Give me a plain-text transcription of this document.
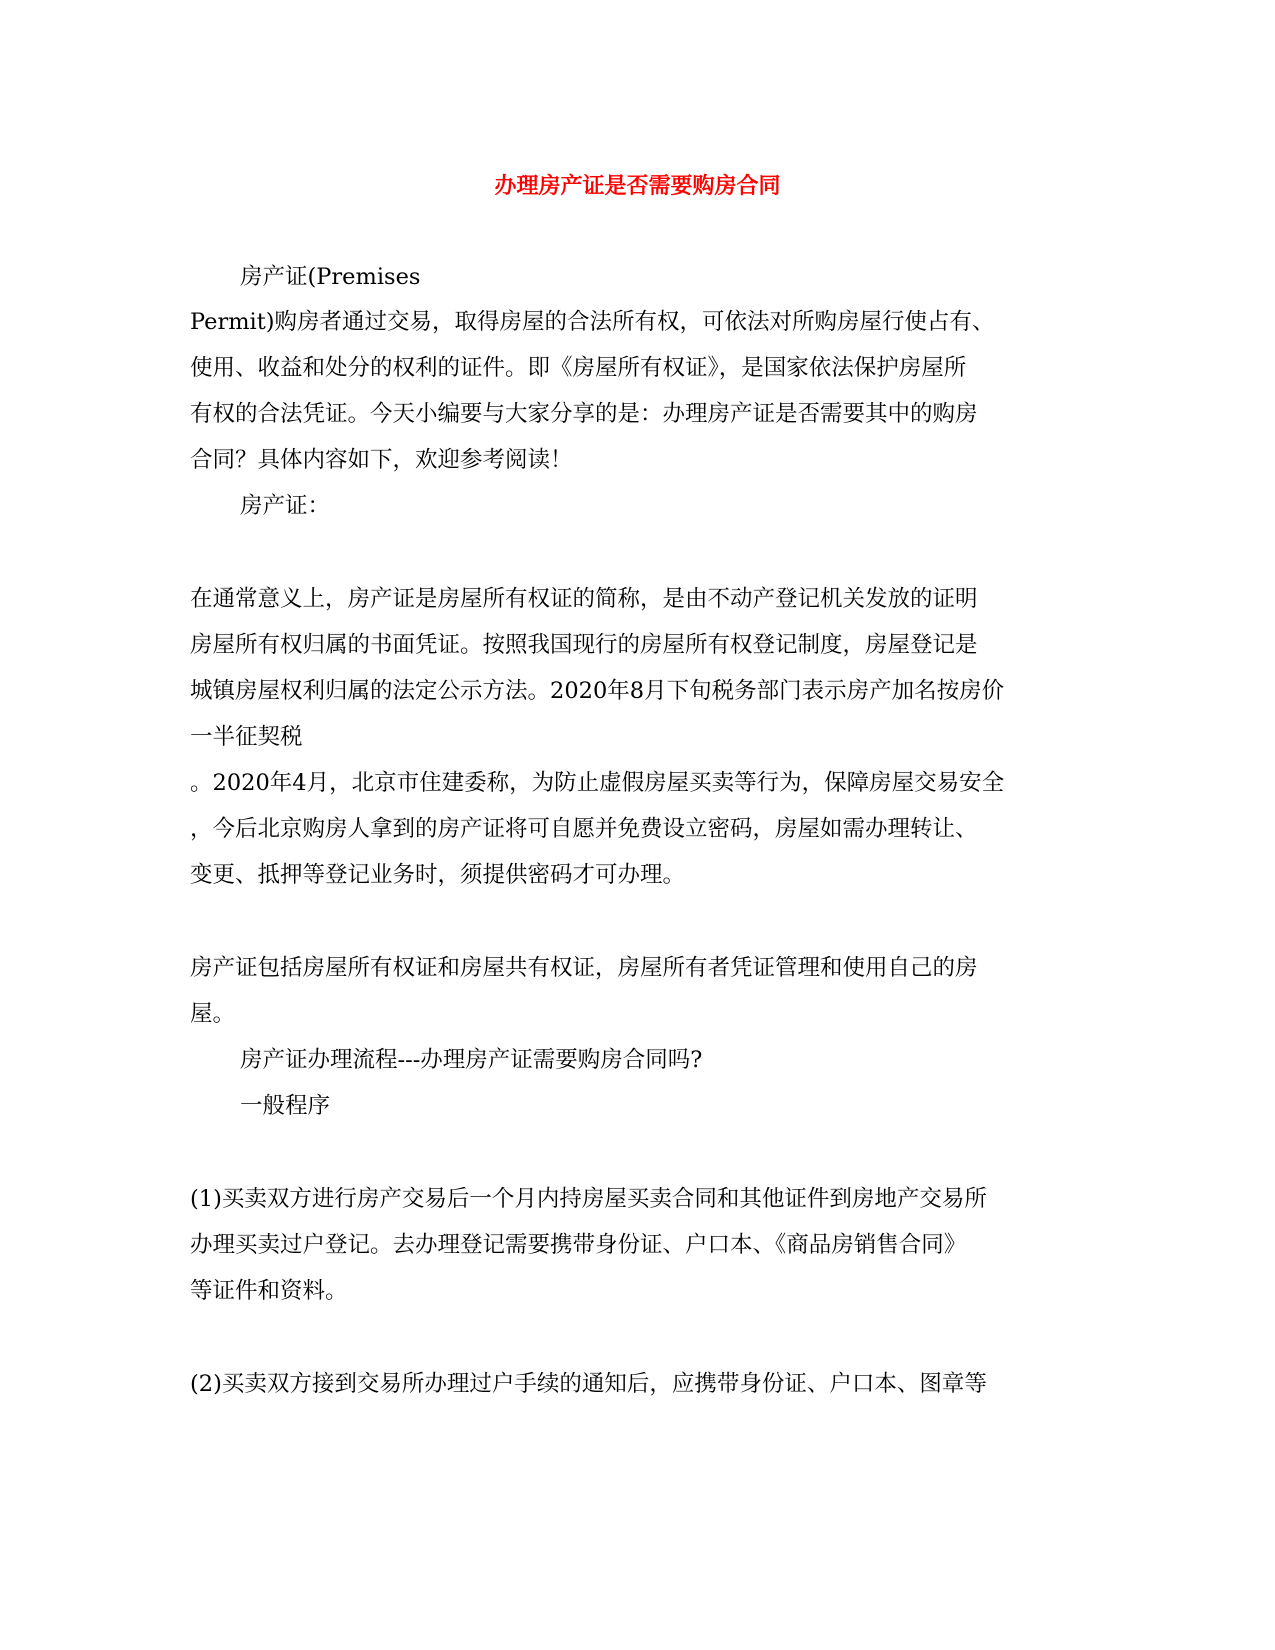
办理房产证是否需要购房合同
房产证(Premises
Permit)购房者通过交易，取得房屋的合法所有权，可依法对所购房屋行使占有、
使用、收益和处分的权利的证件。即《房屋所有权证》，是国家依法保护房屋所
有权的合法凭证。今天小编要与大家分享的是：办理房产证是否需要其中的购房
合同？具体内容如下，欢迎参考阅读！
房产证：
在通常意义上，房产证是房屋所有权证的简称，是由不动产登记机关发放的证明
房屋所有权归属的书面凭证。按照我国现行的房屋所有权登记制度，房屋登记是
城镇房屋权利归属的法定公示方法。2020年8月下旬税务部门表示房产加名按房价
一半征契税
。2020年4月，北京市住建委称，为防止虚假房屋买卖等行为，保障房屋交易安全
，今后北京购房人拿到的房产证将可自愿并免费设立密码，房屋如需办理转让、
变更、抵押等登记业务时，须提供密码才可办理。
房产证包括房屋所有权证和房屋共有权证，房屋所有者凭证管理和使用自己的房
屋。
房产证办理流程---办理房产证需要购房合同吗?
一般程序
(1)买卖双方进行房产交易后一个月内持房屋买卖合同和其他证件到房地产交易所
办理买卖过户登记。去办理登记需要携带身份证、户口本、《商品房销售合同》
等证件和资料。
(2)买卖双方接到交易所办理过户手续的通知后，应携带身份证、户口本、图章等
